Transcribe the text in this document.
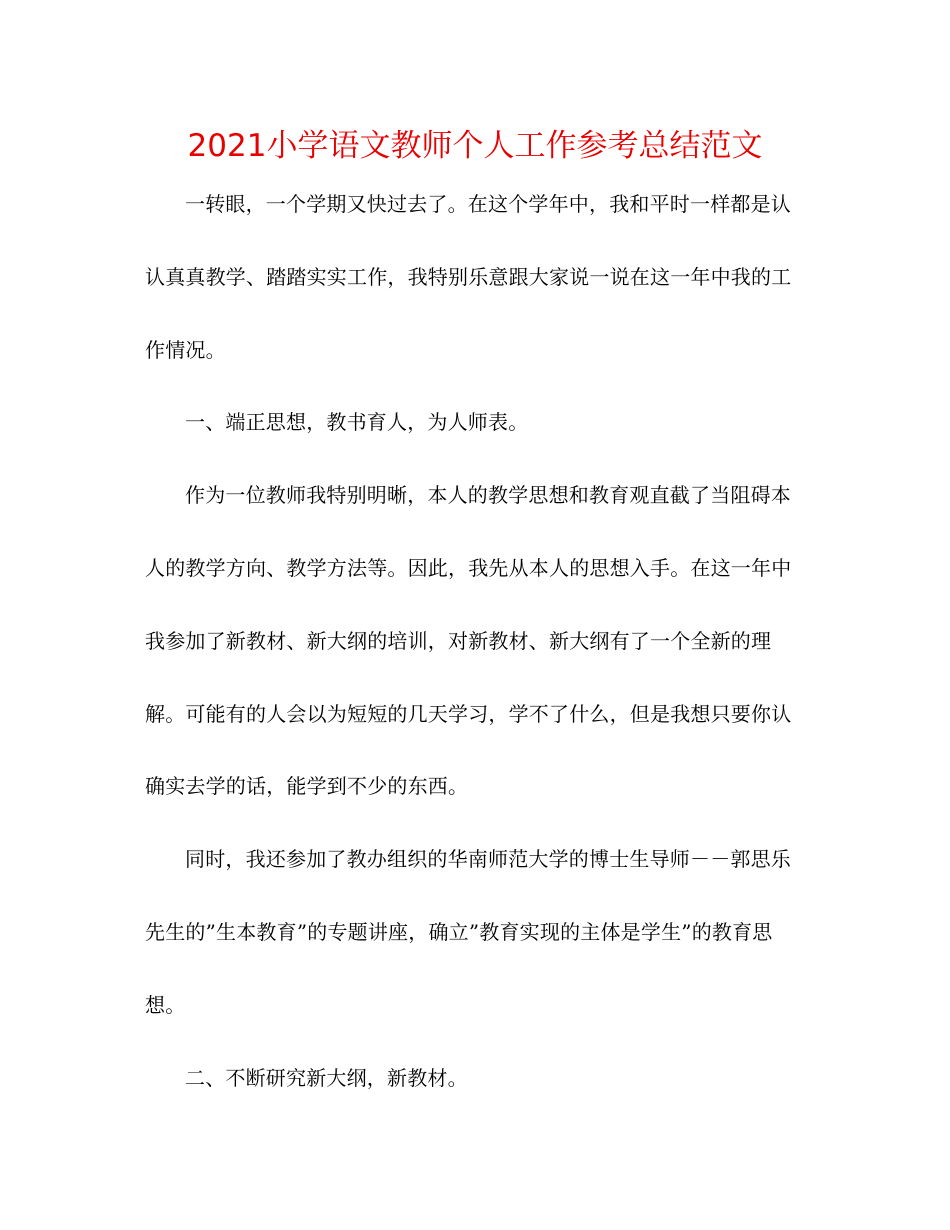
2021小学语文教师个人工作参考总结范文

一转眼，一个学期又快过去了。在这个学年中，我和平时一样都是认认真真教学、踏踏实实工作，我特别乐意跟大家说一说在这一年中我的工作情况。

一、端正思想，教书育人，为人师表。

作为一位教师我特别明晰，本人的教学思想和教育观直截了当阻碍本人的教学方向、教学方法等。因此，我先从本人的思想入手。在这一年中我参加了新教材、新大纲的培训，对新教材、新大纲有了一个全新的理解。可能有的人会以为短短的几天学习，学不了什么，但是我想只要你认确实去学的话，能学到不少的东西。

同时，我还参加了教办组织的华南师范大学的博士生导师－－郭思乐先生的”生本教育”的专题讲座，确立”教育实现的主体是学生”的教育思想。

二、不断研究新大纲，新教材。
